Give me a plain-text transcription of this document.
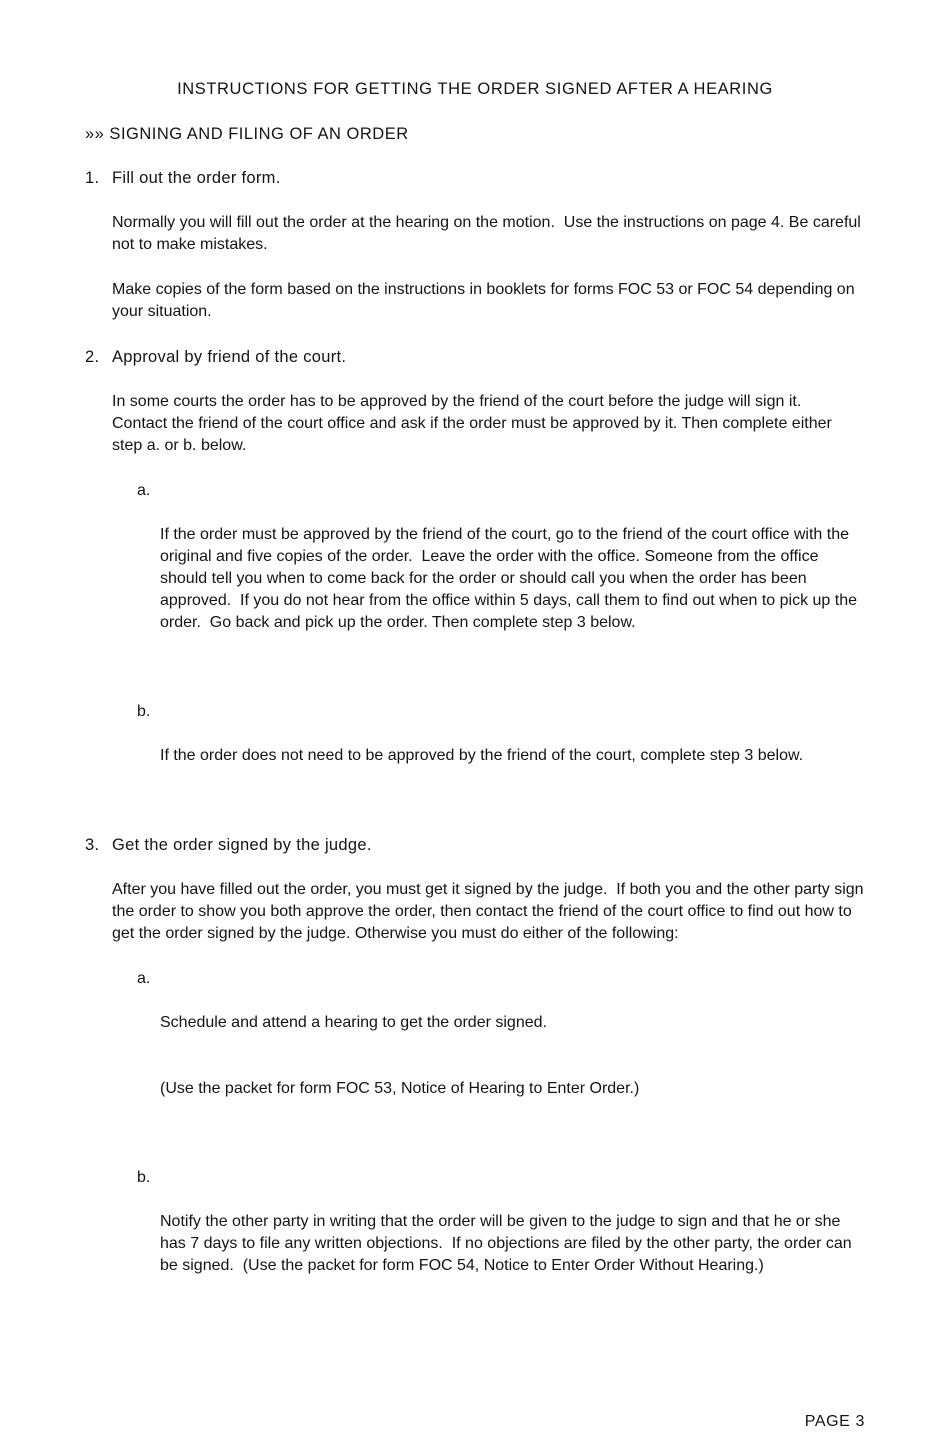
INSTRUCTIONS FOR GETTING THE ORDER SIGNED AFTER A HEARING
»» SIGNING AND FILING OF AN ORDER
1. Fill out the order form.

Normally you will fill out the order at the hearing on the motion.  Use the instructions on page 4. Be careful not to make mistakes.

Make copies of the form based on the instructions in booklets for forms FOC 53 or FOC 54 depending on your situation.

2. Approval by friend of the court.

In some courts the order has to be approved by the friend of the court before the judge will sign it.  Contact the friend of the court office and ask if the order must be approved by it. Then complete either step a. or b. below.

a.

If the order must be approved by the friend of the court, go to the friend of the court office with the original and five copies of the order.  Leave the order with the office. Someone from the office should tell you when to come back for the order or should call you when the order has been approved.  If you do not hear from the office within 5 days, call them to find out when to pick up the order.  Go back and pick up the order. Then complete step 3 below.

b.

If the order does not need to be approved by the friend of the court, complete step 3 below.

3. Get the order signed by the judge.

After you have filled out the order, you must get it signed by the judge.  If both you and the other party sign the order to show you both approve the order, then contact the friend of the court office to find out how to get the order signed by the judge. Otherwise you must do either of the following:

a.

Schedule and attend a hearing to get the order signed.

(Use the packet for form FOC 53, Notice of Hearing to Enter Order.)

b.

Notify the other party in writing that the order will be given to the judge to sign and that he or she has 7 days to file any written objections.  If no objections are filed by the other party, the order can be signed.  (Use the packet for form FOC 54, Notice to Enter Order Without Hearing.)

PAGE 3
